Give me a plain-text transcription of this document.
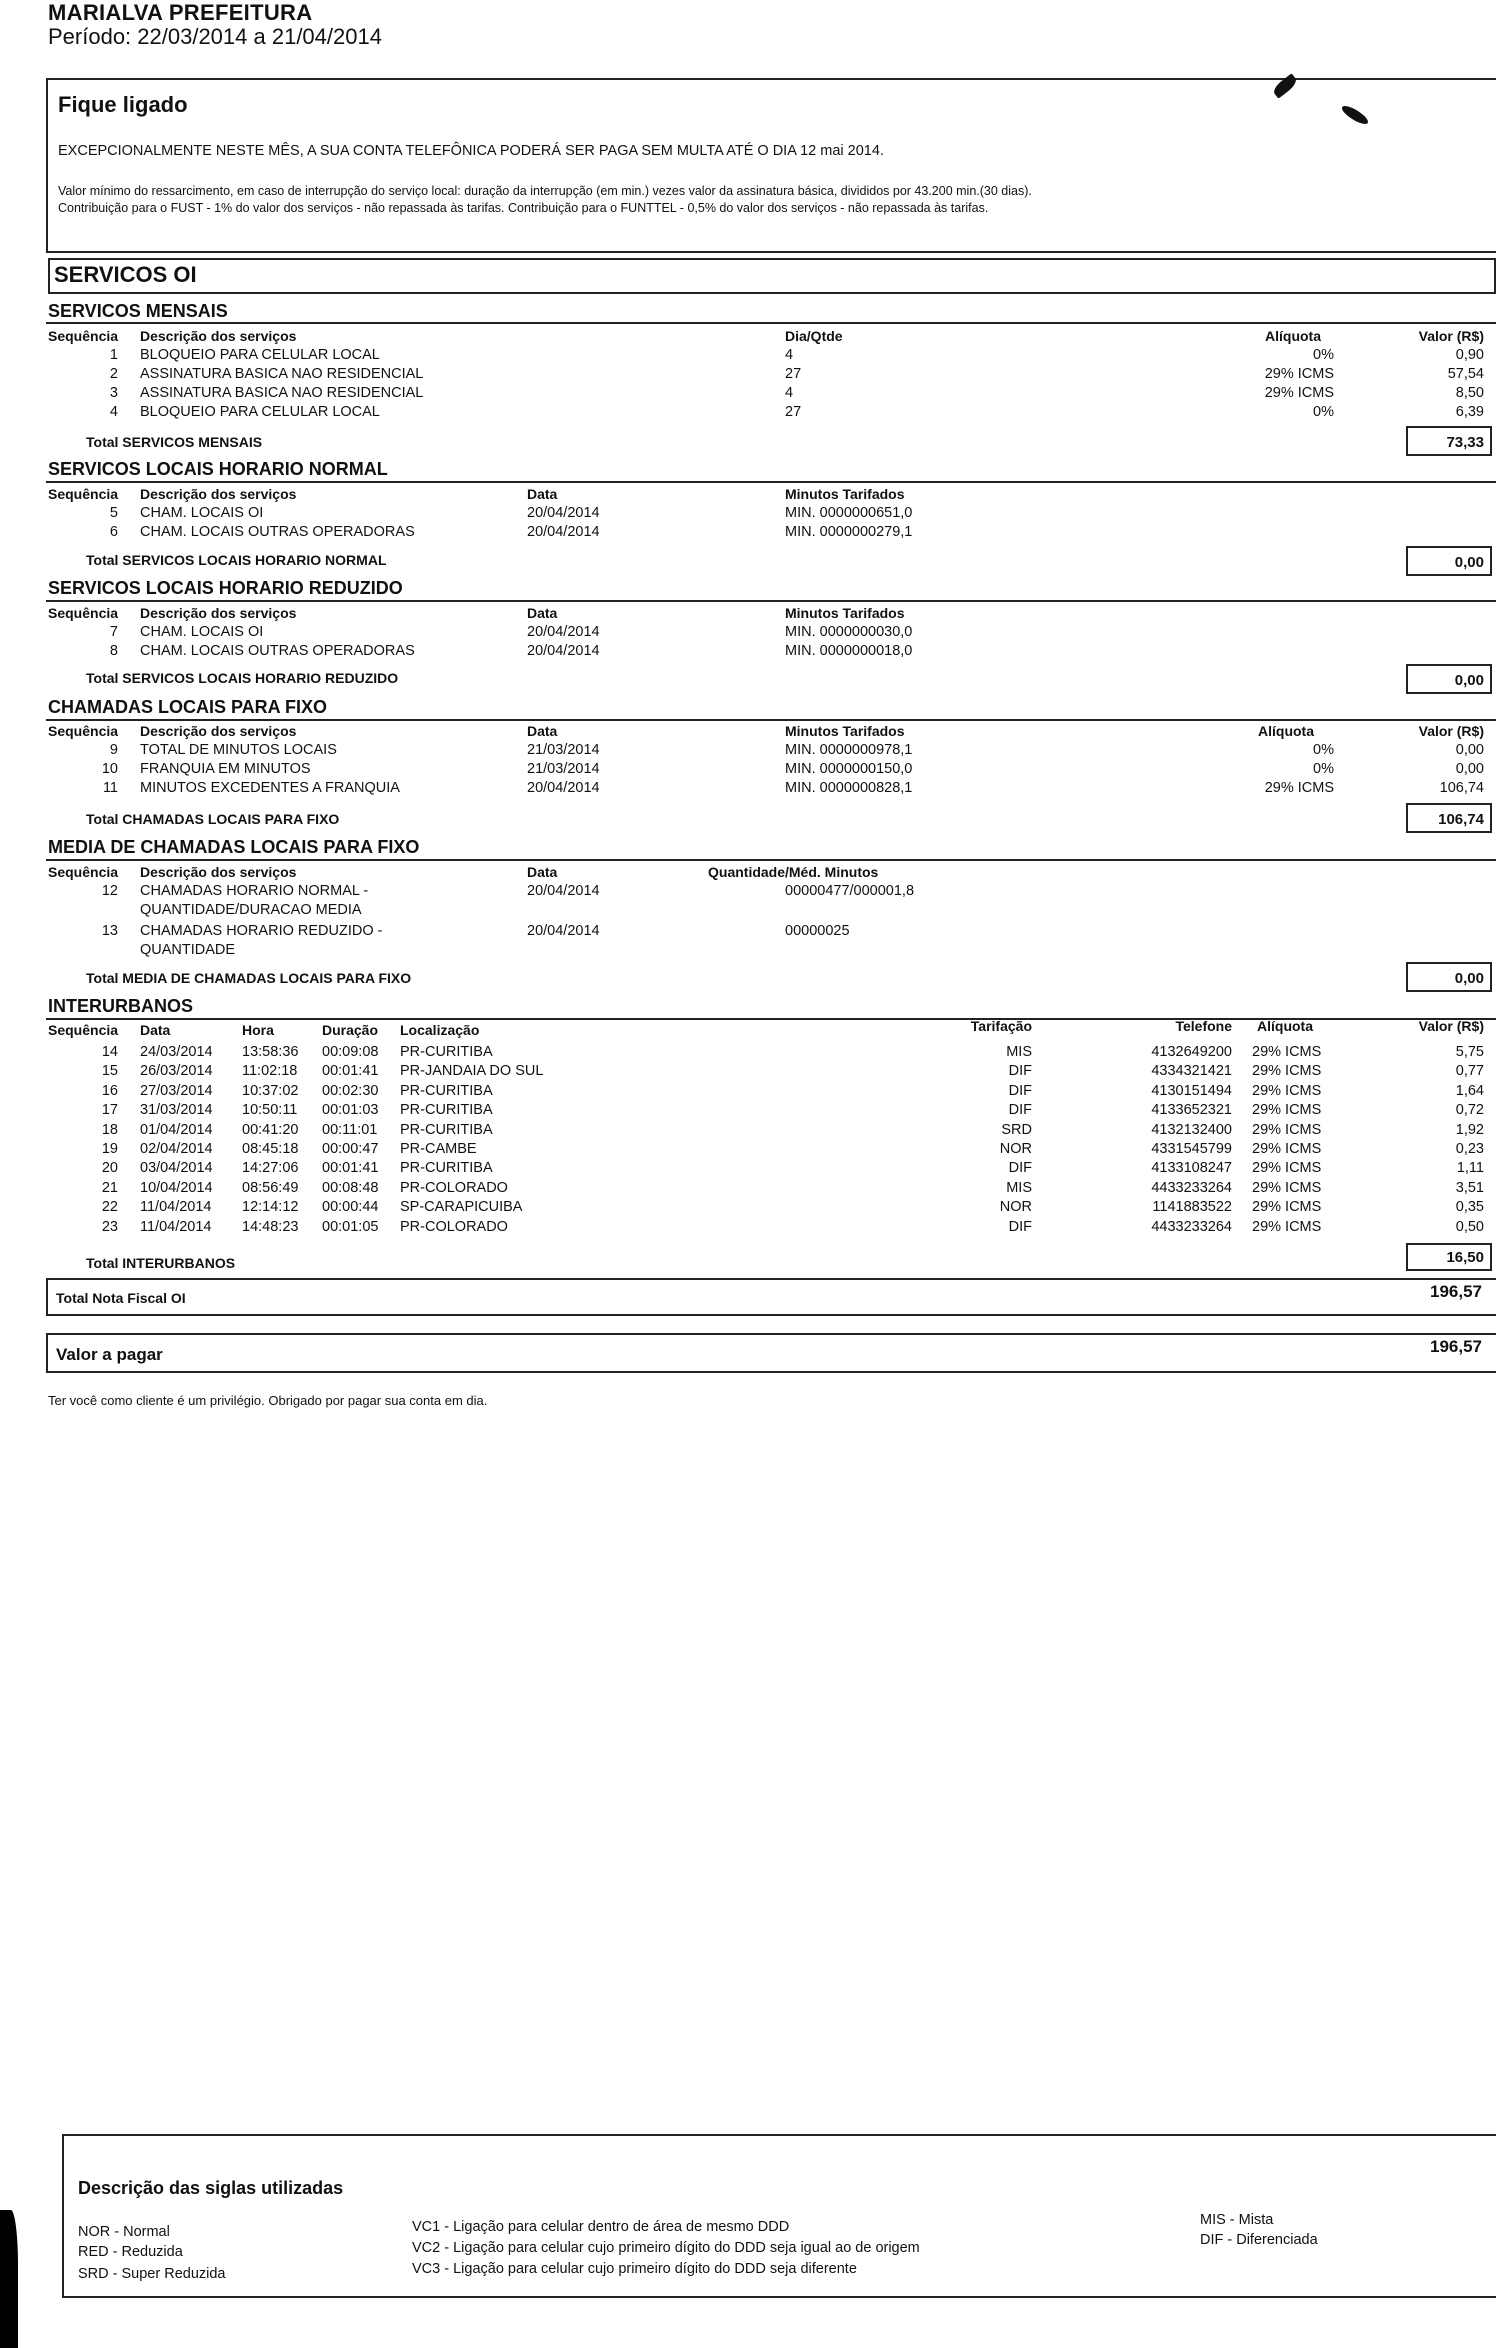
MARIALVA PREFEITURA
Período: 22/03/2014 a 21/04/2014
Fique ligado
EXCEPCIONALMENTE NESTE MÊS, A SUA CONTA TELEFÔNICA PODERÁ SER PAGA SEM MULTA ATÉ O DIA 12 mai 2014.
Valor mínimo do ressarcimento, em caso de interrupção do serviço local: duração da interrupção (em min.) vezes valor da assinatura básica, divididos por 43.200 min.(30 dias).
Contribuição para o FUST - 1% do valor dos serviços - não repassada às tarifas. Contribuição para o FUNTTEL - 0,5% do valor dos serviços - não repassada às tarifas.
SERVICOS OI
SERVICOS MENSAIS
Sequência Descrição dos serviços	Dia/Qtde	Alíquota	Valor (R$)
1 BLOQUEIO PARA CELULAR LOCAL	4	0%	0,90
2 ASSINATURA BASICA NAO RESIDENCIAL	27	29% ICMS	57,54
3 ASSINATURA BASICA NAO RESIDENCIAL	4	29% ICMS	8,50
4 BLOQUEIO PARA CELULAR LOCAL	27	0%	6,39
Total SERVICOS MENSAIS	73,33
SERVICOS LOCAIS HORARIO NORMAL
Sequência Descrição dos serviços	Data	Minutos Tarifados
5 CHAM. LOCAIS OI	20/04/2014	MIN. 0000000651,0
6 CHAM. LOCAIS OUTRAS OPERADORAS	20/04/2014	MIN. 0000000279,1
Total SERVICOS LOCAIS HORARIO NORMAL	0,00
SERVICOS LOCAIS HORARIO REDUZIDO
Sequência Descrição dos serviços	Data	Minutos Tarifados
7 CHAM. LOCAIS OI	20/04/2014	MIN. 0000000030,0
8 CHAM. LOCAIS OUTRAS OPERADORAS	20/04/2014	MIN. 0000000018,0
Total SERVICOS LOCAIS HORARIO REDUZIDO	0,00
CHAMADAS LOCAIS PARA FIXO
Sequência Descrição dos serviços	Data	Minutos Tarifados	Alíquota	Valor (R$)
9 TOTAL DE MINUTOS LOCAIS	21/03/2014	MIN. 0000000978,1	0%	0,00
10 FRANQUIA EM MINUTOS	21/03/2014	MIN. 0000000150,0	0%	0,00
11 MINUTOS EXCEDENTES A FRANQUIA	20/04/2014	MIN. 0000000828,1	29% ICMS	106,74
Total CHAMADAS LOCAIS PARA FIXO	106,74
MEDIA DE CHAMADAS LOCAIS PARA FIXO
Sequência Descrição dos serviços	Data	Quantidade/Méd. Minutos
12 CHAMADAS HORARIO NORMAL -
QUANTIDADE/DURACAO MEDIA
20/04/2014	00000477/000001,8
13 CHAMADAS HORARIO REDUZIDO -
QUANTIDADE
20/04/2014	00000025
Total MEDIA DE CHAMADAS LOCAIS PARA FIXO	0,00
INTERURBANOS
Sequência Data	Hora	Duração Localização	Tarifação	Telefone Alíquota	Valor (R$)
14 24/03/2014 13:58:36 00:09:08 PR-CURITIBA	MIS	4132649200 29% ICMS	5,75
15 26/03/2014 11:02:18 00:01:41 PR-JANDAIA DO SUL	DIF	4334321421 29% ICMS	0,77
16 27/03/2014 10:37:02 00:02:30 PR-CURITIBA	DIF	4130151494 29% ICMS	1,64
17 31/03/2014 10:50:11 00:01:03 PR-CURITIBA	DIF	4133652321 29% ICMS	0,72
18 01/04/2014 00:41:20 00:11:01 PR-CURITIBA	SRD	4132132400 29% ICMS	1,92
19 02/04/2014 08:45:18 00:00:47 PR-CAMBE	NOR	4331545799 29% ICMS	0,23
20 03/04/2014 14:27:06 00:01:41 PR-CURITIBA	DIF	4133108247 29% ICMS	1,11
21 10/04/2014 08:56:49 00:08:48 PR-COLORADO	MIS	4433233264 29% ICMS	3,51
22 11/04/2014 12:14:12 00:00:44 SP-CARAPICUIBA	NOR	1141883522 29% ICMS	0,35
23 11/04/2014 14:48:23 00:01:05 PR-COLORADO	DIF	4433233264 29% ICMS	0,50
Total INTERURBANOS	16,50
Total Nota Fiscal OI	196,57
Valor a pagar	196,57
Ter você como cliente é um privilégio. Obrigado por pagar sua conta em dia.
Descrição das siglas utilizadas
NOR - Normal
RED - Reduzida
SRD - Super Reduzida
VC1 - Ligação para celular dentro de área de mesmo DDD
VC2 - Ligação para celular cujo primeiro dígito do DDD seja igual ao de origem
VC3 - Ligação para celular cujo primeiro dígito do DDD seja diferente
MIS - Mista
DIF - Diferenciada
